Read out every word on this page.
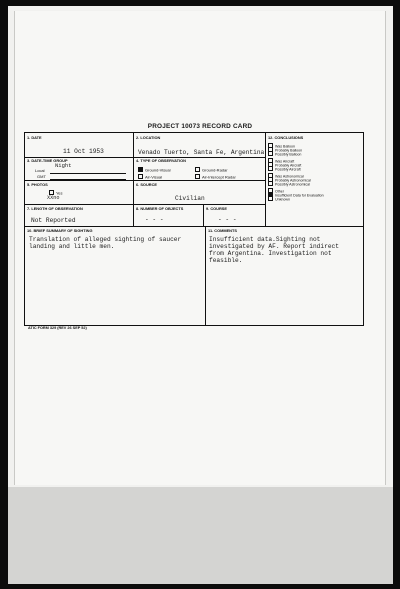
PROJECT 10073 RECORD CARD
1. DATE
11 Oct 1953
2. LOCATION
Venado Tuerto, Santa Fe, Argentina
12. CONCLUSIONS
Was Balloon
Probably Balloon
Possibly Balloon
Was Aircraft
Probably Aircraft
Possibly Aircraft
Was Astronomical
Probably Astronomical
Possibly Astronomical
Other
Insufficient Data for Evaluation
Unknown
3. DATE-TIME GROUP
Local
Night
GMT
4. TYPE OF OBSERVATION
Ground-Visual	Ground-Radar
Air-Visual	Air-Intercept Radar
5. PHOTOS
Yes
XXno
6. SOURCE
Civilian
7. LENGTH OF OBSERVATION
Not Reported
8. NUMBER OF OBJECTS
- - -
9. COURSE
- - -
10. BRIEF SUMMARY OF SIGHTING
Translation of alleged sighting of saucer
landing and little men.
11. COMMENTS
Insufficient data.Sighting not
investigated by AF. Report indirect
from Argentina. Investigation not
feasible.
ATIC FORM 329 (REV 26 SEP 52)
